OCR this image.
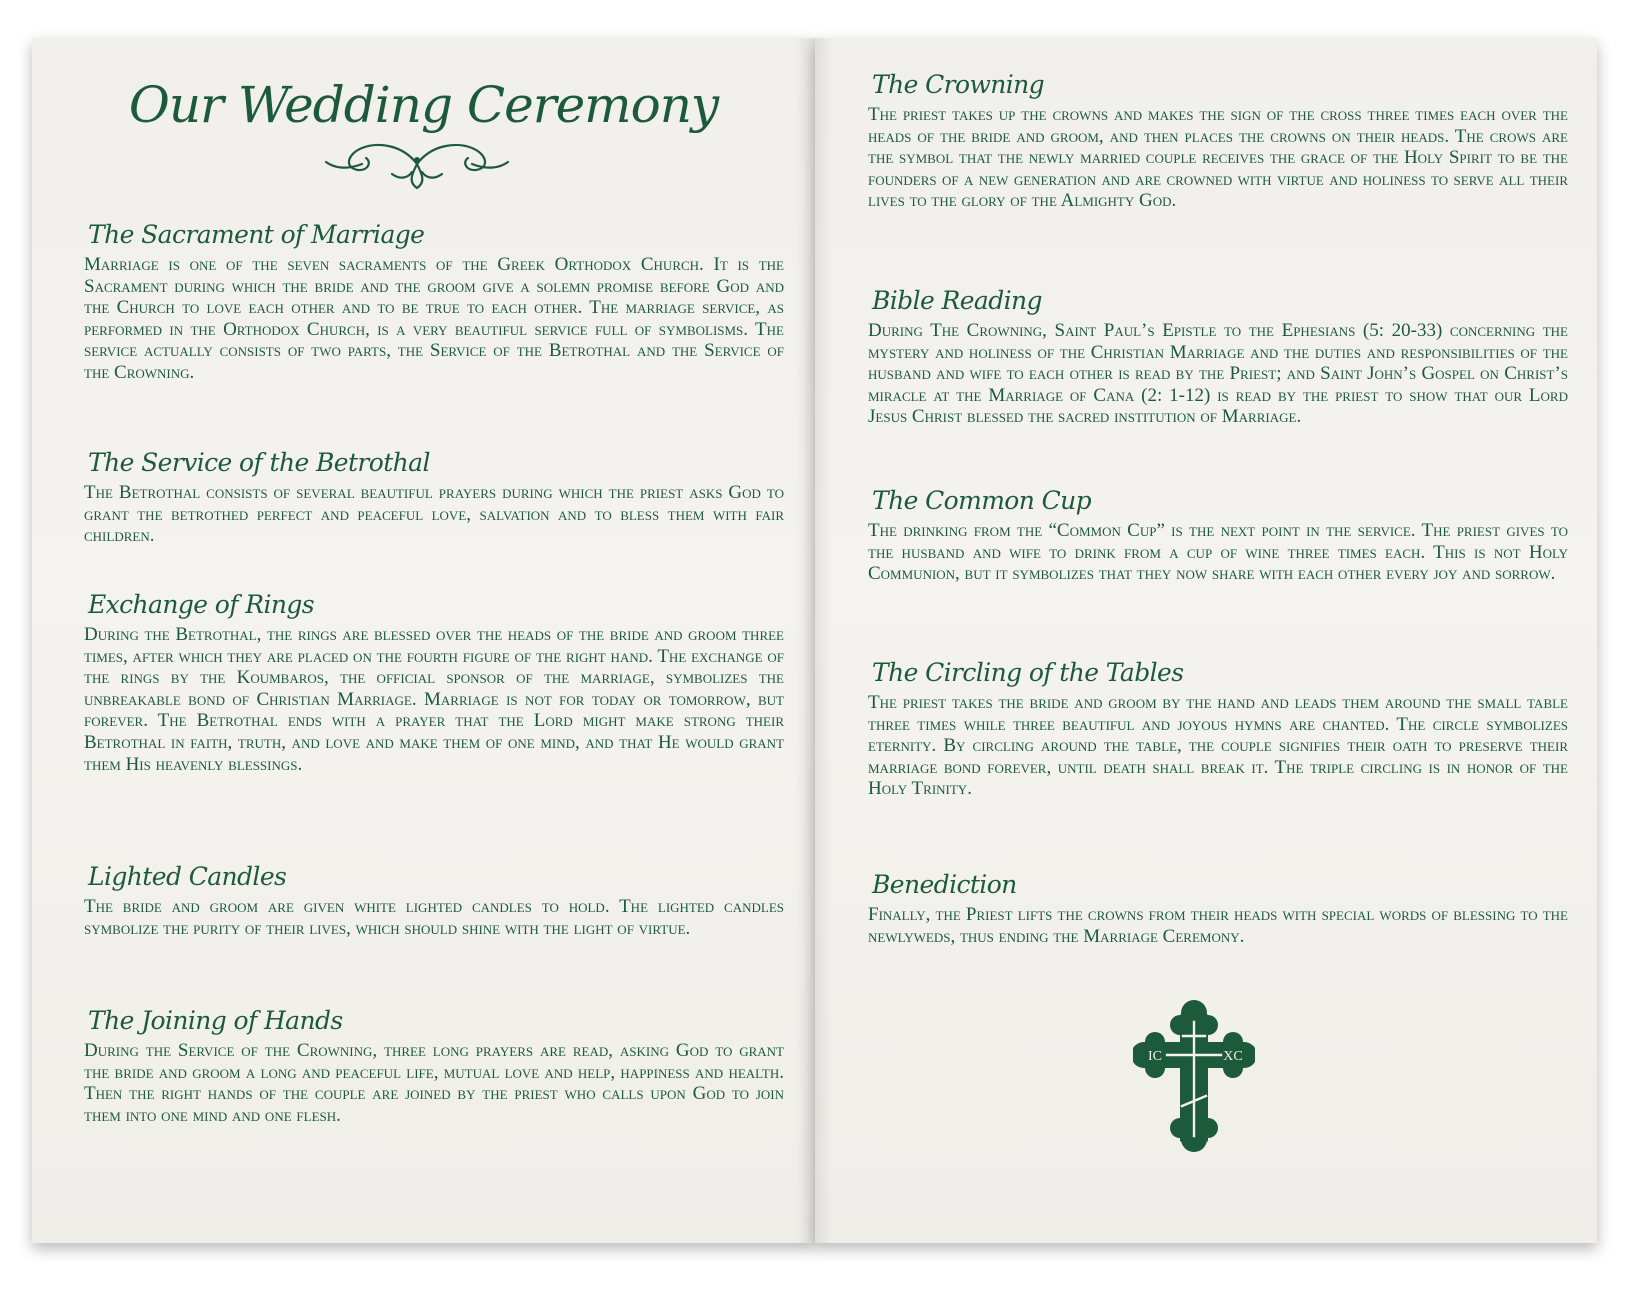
Our Wedding Ceremony
The Sacrament of Marriage

Marriage is one of the seven sacraments of the Greek Orthodox Church. It is the Sacrament during which the bride and the groom give a solemn promise before God and the Church to love each other and to be true to each other. The marriage service, as performed in the Orthodox Church, is a very beautiful service full of symbolisms. The service actually consists of two parts, the Service of the Betrothal and the Service of the Crowning.

The Service of the Betrothal

The Betrothal consists of several beautiful prayers during which the priest asks God to grant the betrothed perfect and peaceful love, salvation and to bless them with fair children.

Exchange of Rings

During the Betrothal, the rings are blessed over the heads of the bride and groom three times, after which they are placed on the fourth figure of the right hand. The exchange of the rings by the Koumbaros, the official sponsor of the marriage, symbolizes the unbreakable bond of Christian Marriage. Marriage is not for today or tomorrow, but forever. The Betrothal ends with a prayer that the Lord might make strong their Betrothal in faith, truth, and love and make them of one mind, and that He would grant them His heavenly blessings.

Lighted Candles

The bride and groom are given white lighted candles to hold. The lighted candles symbolize the purity of their lives, which should shine with the light of virtue.

The Joining of Hands

During the Service of the Crowning, three long prayers are read, asking God to grant the bride and groom a long and peaceful life, mutual love and help, happiness and health. Then the right hands of the couple are joined by the priest who calls upon God to join them into one mind and one flesh.

The Crowning

The priest takes up the crowns and makes the sign of the cross three times each over the heads of the bride and groom, and then places the crowns on their heads. The crows are the symbol that the newly married couple receives the grace of the Holy Spirit to be the founders of a new generation and are crowned with virtue and holiness to serve all their lives to the glory of the Almighty God.

Bible Reading

During The Crowning, Saint Paul’s Epistle to the Ephesians (5: 20-33) concerning the mystery and holiness of the Christian Marriage and the duties and responsibilities of the husband and wife to each other is read by the Priest; and Saint John’s Gospel on Christ’s miracle at the Marriage of Cana (2: 1-12) is read by the priest to show that our Lord Jesus Christ blessed the sacred institution of Marriage.

The Common Cup

The drinking from the “Common Cup” is the next point in the service. The priest gives to the husband and wife to drink from a cup of wine three times each. This is not Holy Communion, but it symbolizes that they now share with each other every joy and sorrow.

The Circling of the Tables

The priest takes the bride and groom by the hand and leads them around the small table three times while three beautiful and joyous hymns are chanted. The circle symbolizes eternity. By circling around the table, the couple signifies their oath to preserve their marriage bond forever, until death shall break it. The triple circling is in honor of the Holy Trinity.

Benediction

Finally, the Priest lifts the crowns from their heads with special words of blessing to the newlyweds, thus ending the Marriage Ceremony.

IC	XC
